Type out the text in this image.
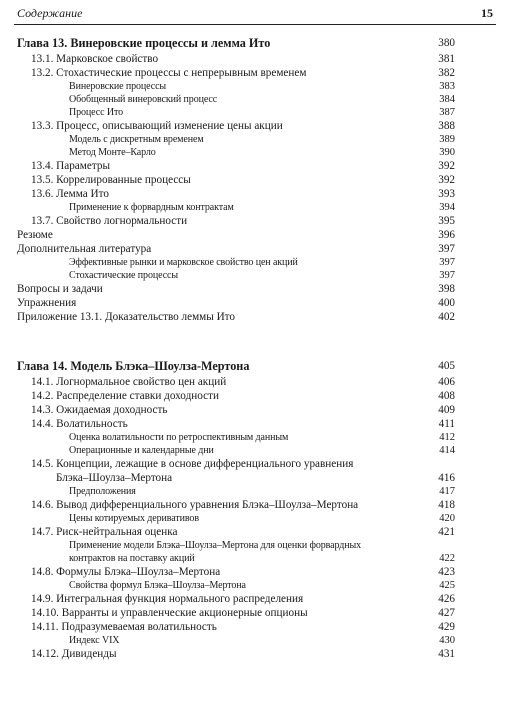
Содержание	15
Глава 13. Винеровские процессы и лемма Ито	380
13.1. Марковское свойство	381
13.2. Стохастические процессы с непрерывным временем	382
Винеровские процессы	383
Обобщенный винеровский процесс	384
Процесс Ито	387
13.3. Процесс, описывающий изменение цены акции	388
Модель с дискретным временем	389
Метод Монте–Карло	390
13.4. Параметры	392
13.5. Коррелированные процессы	392
13.6. Лемма Ито	393
Применение к форвардным контрактам	394
13.7. Свойство логнормальности	395
Резюме	396
Дополнительная литература	397
Эффективные рынки и марковское свойство цен акций	397
Стохастические процессы	397
Вопросы и задачи	398
Упражнения	400
Приложение 13.1. Доказательство леммы Ито	402
Глава 14. Модель Блэка–Шоулза-Мертона	405
14.1. Логнормальное свойство цен акций	406
14.2. Распределение ставки доходности	408
14.3. Ожидаемая доходность	409
14.4. Волатильность	411
Оценка волатильности по ретроспективным данным	412
Операционные и календарные дни	414
14.5. Концепции, лежащие в основе дифференциального уравнения
Блэка–Шоулза–Мертона	416
Предположения	417
14.6. Вывод дифференциального уравнения Блэка–Шоулза–Мертона	418
Цены котируемых деривативов	420
14.7. Риск-нейтральная оценка	421
Применение модели Блэка–Шоулза–Мертона для оценки форвардных
контрактов на поставку акций	422
14.8. Формулы Блэка–Шоулза–Мертона	423
Свойства формул Блэка–Шоулза–Мертона	425
14.9. Интегральная функция нормального распределения	426
14.10. Варранты и управленческие акционерные опционы	427
14.11. Подразумеваемая волатильность	429
Индекс VIX	430
14.12. Дивиденды	431
